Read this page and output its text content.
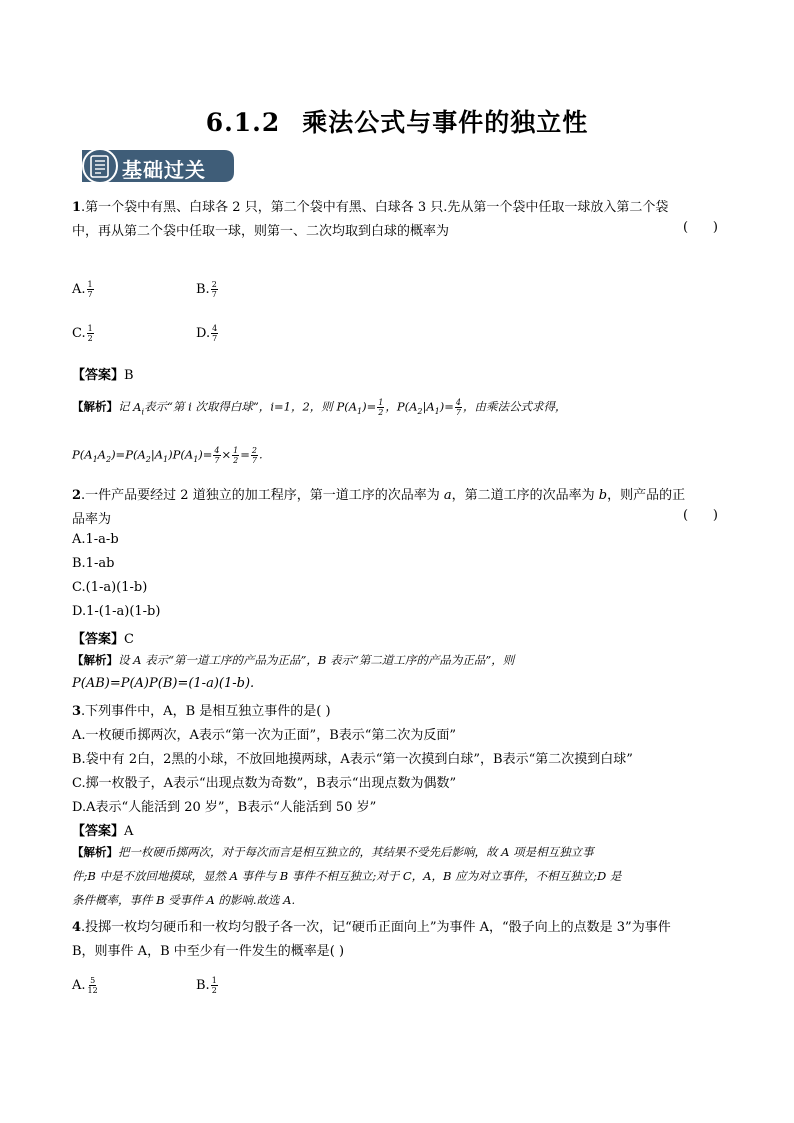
6.1.2 乘法公式与事件的独立性
基础过关
1.第一个袋中有黑、白球各 2 只，第二个袋中有黑、白球各 3 只.先从第一个袋中任取一球放入第二个袋
中，再从第二个袋中任取一球，则第一、二次均取到白球的概率为	(      )
A. $\frac{1}{7}$	B. $\frac{2}{7}$
C. $\frac{1}{2}$	D. $\frac{4}{7}$
【答案】B
【解析】记 $A_i$表示“第 i 次取得白球”，i=1，2，则 $P(A_1)= \frac{1}{2}$ ，$P(A_2|A_1)= \frac{4}{7}$ ，由乘法公式求得，
$P(A_1A_2)=P(A_2|A_1)P(A_1)= \frac{4}{7} \times \frac{1}{2} = \frac{2}{7}$ .
2.一件产品要经过 2 道独立的加工程序，第一道工序的次品率为 a，第二道工序的次品率为 b，则产品的正
品率为	(      )
A.1-a-b
B.1-ab
C.(1-a)(1-b)
D.1-(1-a)(1-b)
【答案】C
【解析】设 A 表示“第一道工序的产品为正品”，B 表示“第二道工序的产品为正品”，则
P(AB)=P(A)P(B)=(1-a)(1-b).
3.下列事件中，A，B 是相互独立事件的是( )
A.一枚硬币掷两次，A表示“第一次为正面”，B表示“第二次为反面”
B.袋中有 2白，2黑的小球，不放回地摸两球，A表示“第一次摸到白球”，B表示“第二次摸到白球”
C.掷一枚骰子，A表示“出现点数为奇数”，B表示“出现点数为偶数”
D.A表示“人能活到 20 岁”，B表示“人能活到 50 岁”
【答案】A
【解析】把一枚硬币掷两次，对于每次而言是相互独立的，其结果不受先后影响，故 A 项是相互独立事
件;B 中是不放回地摸球，显然 A 事件与 B 事件不相互独立;对于 C，A，B 应为对立事件，不相互独立;D 是
条件概率，事件 B 受事件 A 的影响.故选 A.
4.投掷一枚均匀硬币和一枚均匀骰子各一次，记“硬币正面向上”为事件 A，“骰子向上的点数是 3”为事件
B，则事件 A，B 中至少有一件发生的概率是( )
A. $\frac{5}{12}$	B. $\frac{1}{2}$
